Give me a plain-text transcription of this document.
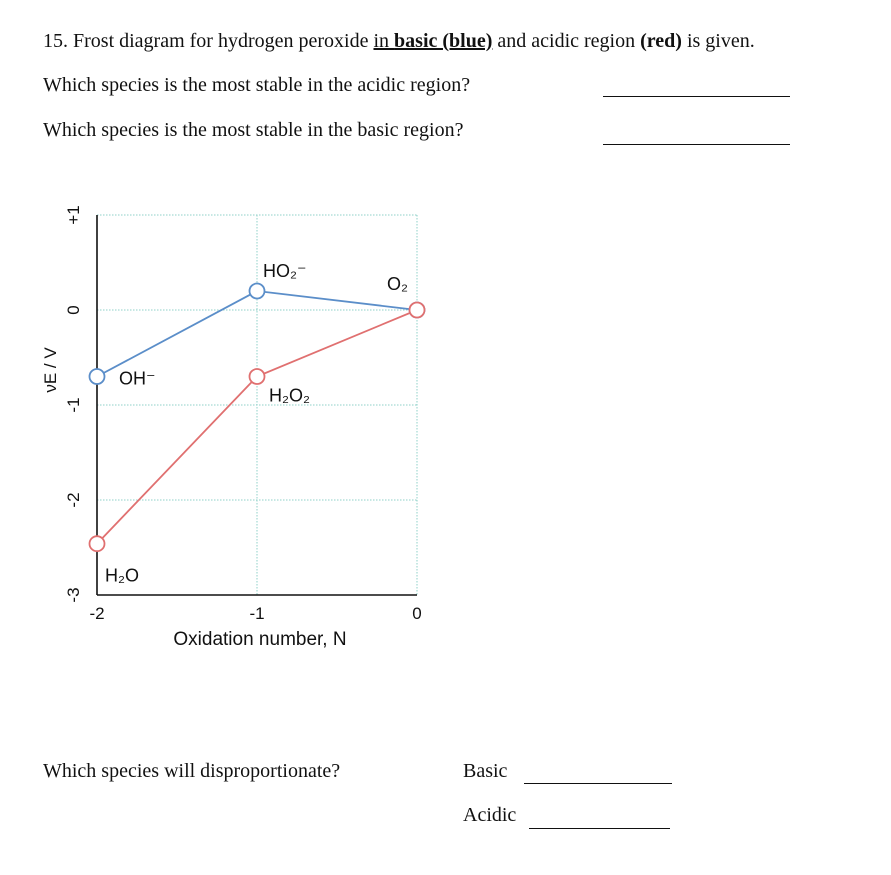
15. Frost diagram for hydrogen peroxide in basic (blue) and acidic region (red) is given.
Which species is the most stable in the acidic region?
Which species is the most stable in the basic region?
+1
0
-1
-2
-3
-2	-1	0
OH⁻
HO₂⁻
O₂
H₂O
H₂O₂
νE / V
Oxidation number, N
Which species will disproportionate?	Basic
Acidic
